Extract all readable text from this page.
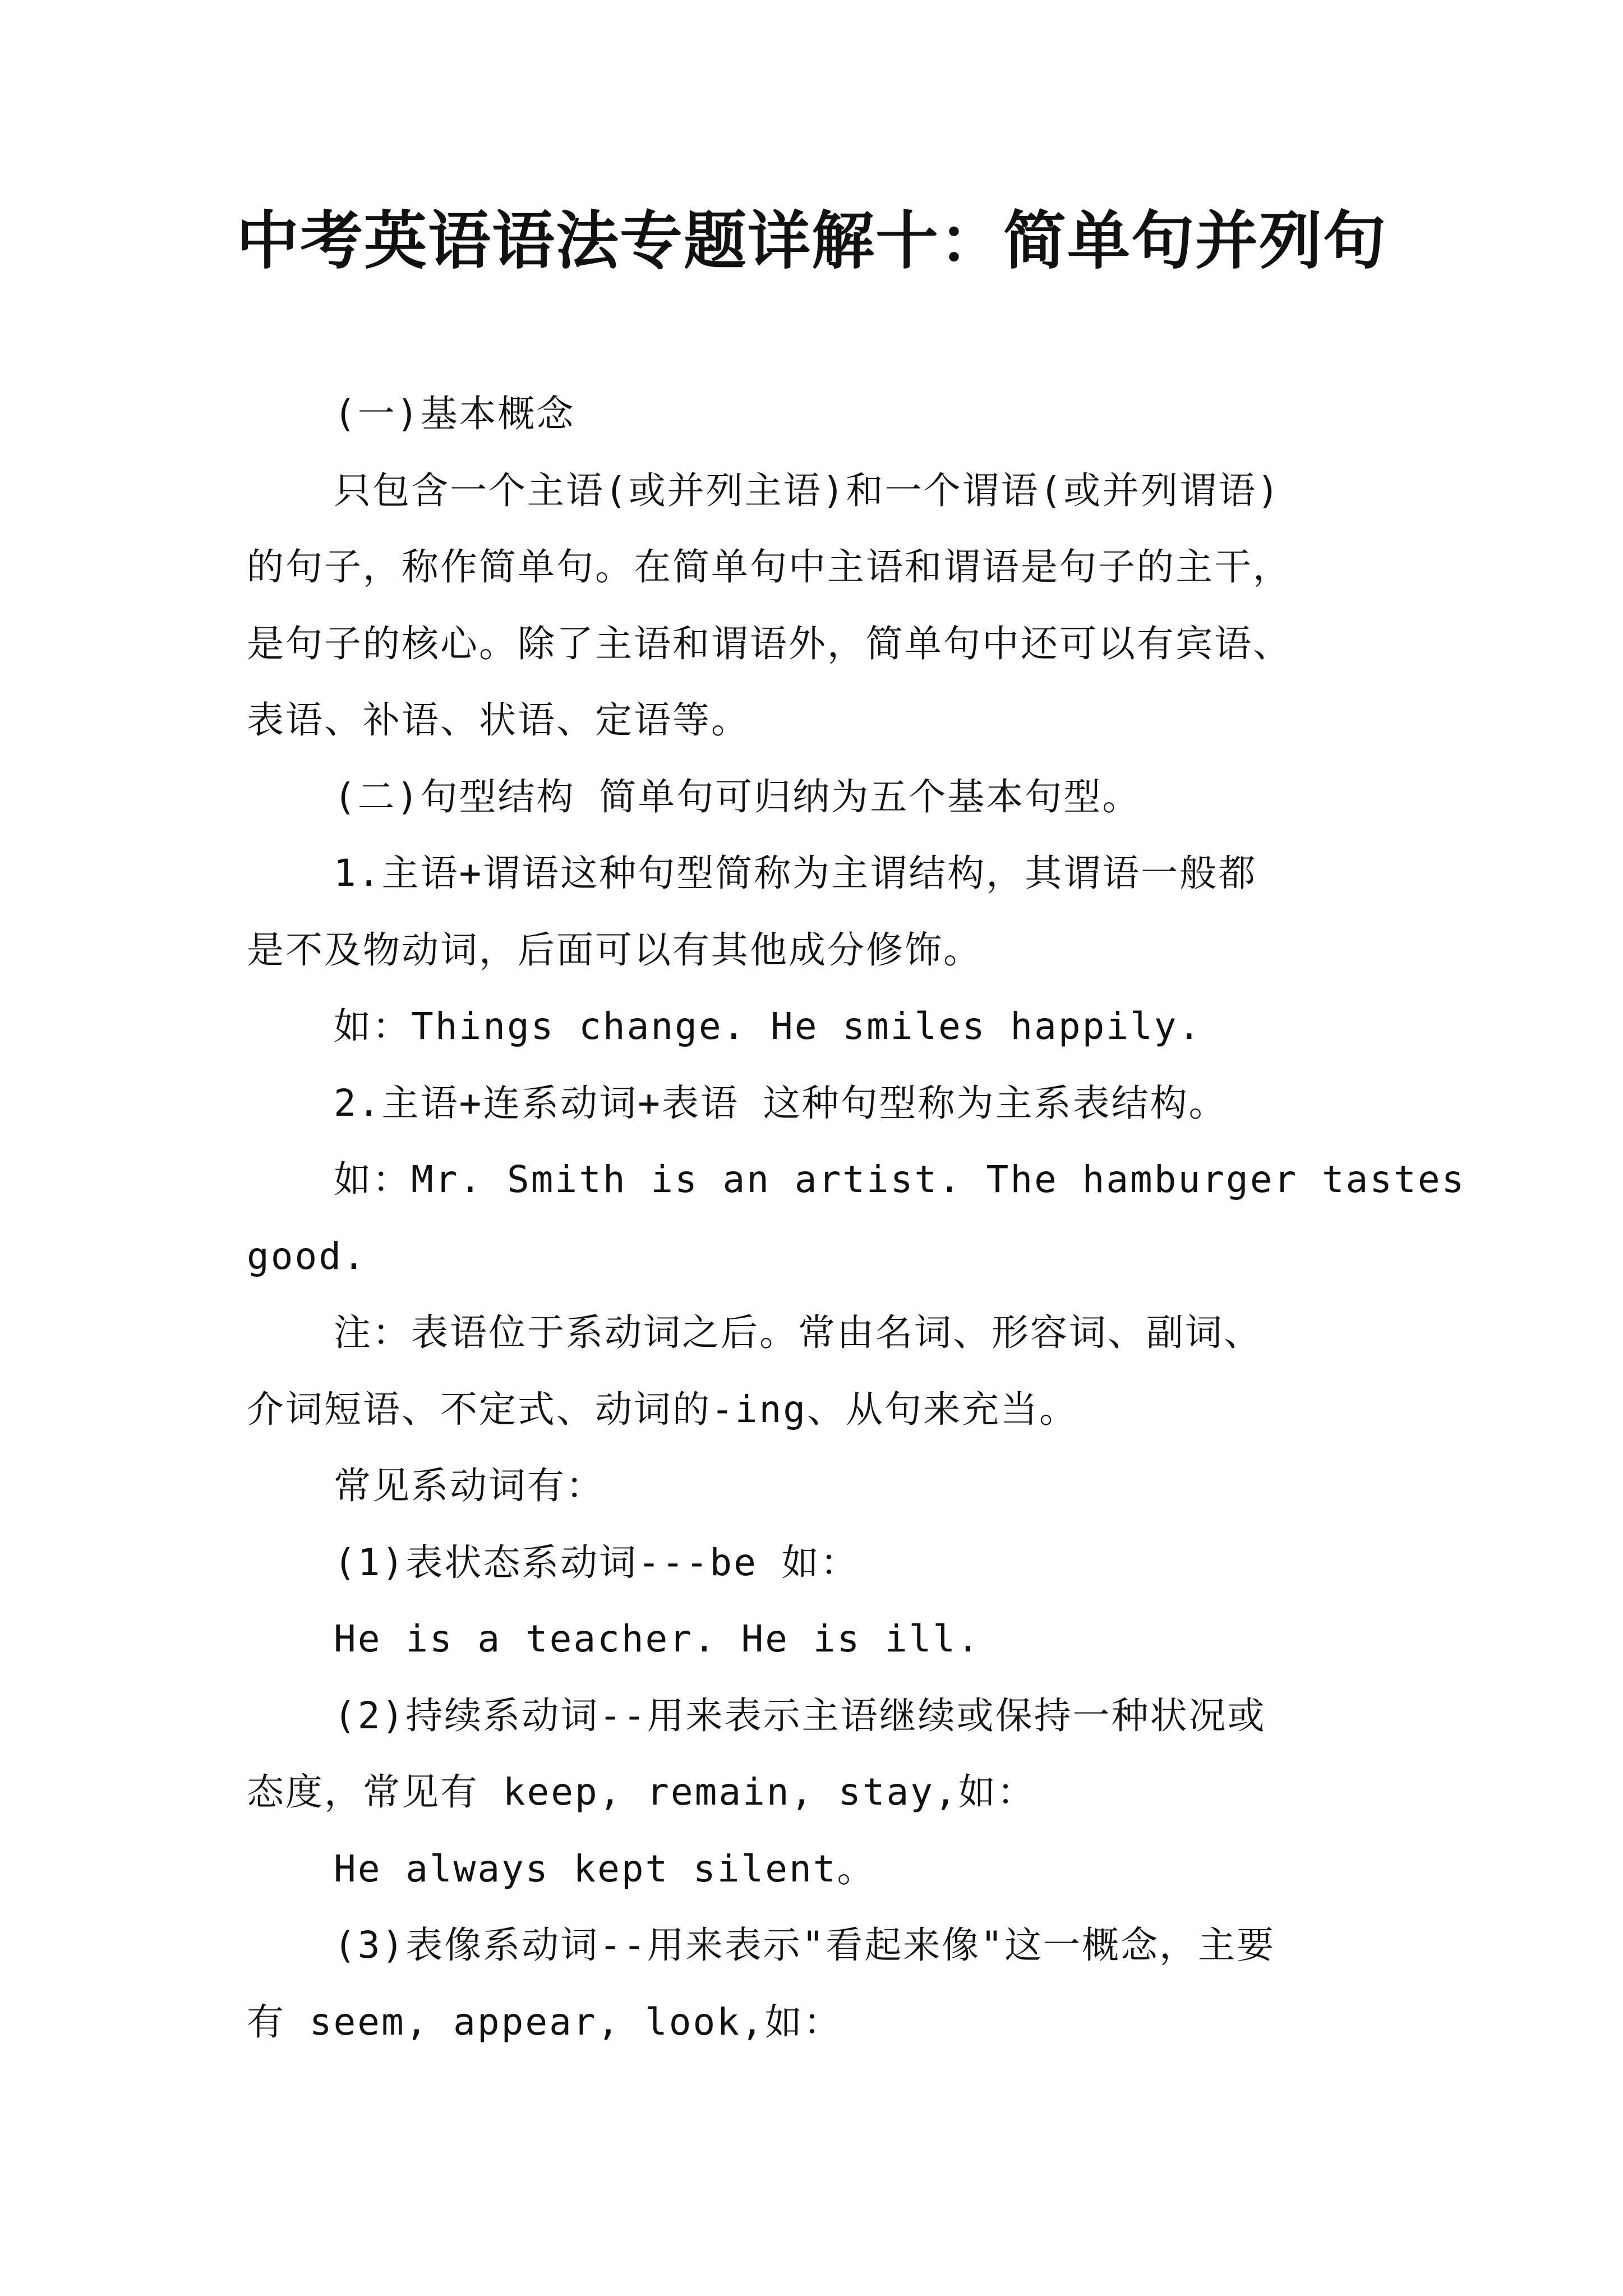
中考英语语法专题详解十：简单句并列句
(一)基本概念
只包含一个主语(或并列主语)和一个谓语(或并列谓语)
的句子，称作简单句。在简单句中主语和谓语是句子的主干，
是句子的核心。除了主语和谓语外，简单句中还可以有宾语、
表语、补语、状语、定语等。
(二)句型结构 简单句可归纳为五个基本句型。
1.主语+谓语这种句型简称为主谓结构，其谓语一般都
是不及物动词，后面可以有其他成分修饰。
如：Things change. He smiles happily.
2.主语+连系动词+表语 这种句型称为主系表结构。
如：Mr. Smith is an artist. The hamburger tastes
good.
注：表语位于系动词之后。常由名词、形容词、副词、
介词短语、不定式、动词的-ing、从句来充当。
常见系动词有：
(1)表状态系动词---be 如：
He is a teacher. He is ill.
(2)持续系动词--用来表示主语继续或保持一种状况或
态度，常见有 keep, remain, stay,如：
He always kept silent。
(3)表像系动词--用来表示"看起来像"这一概念，主要
有 seem, appear, look,如：
